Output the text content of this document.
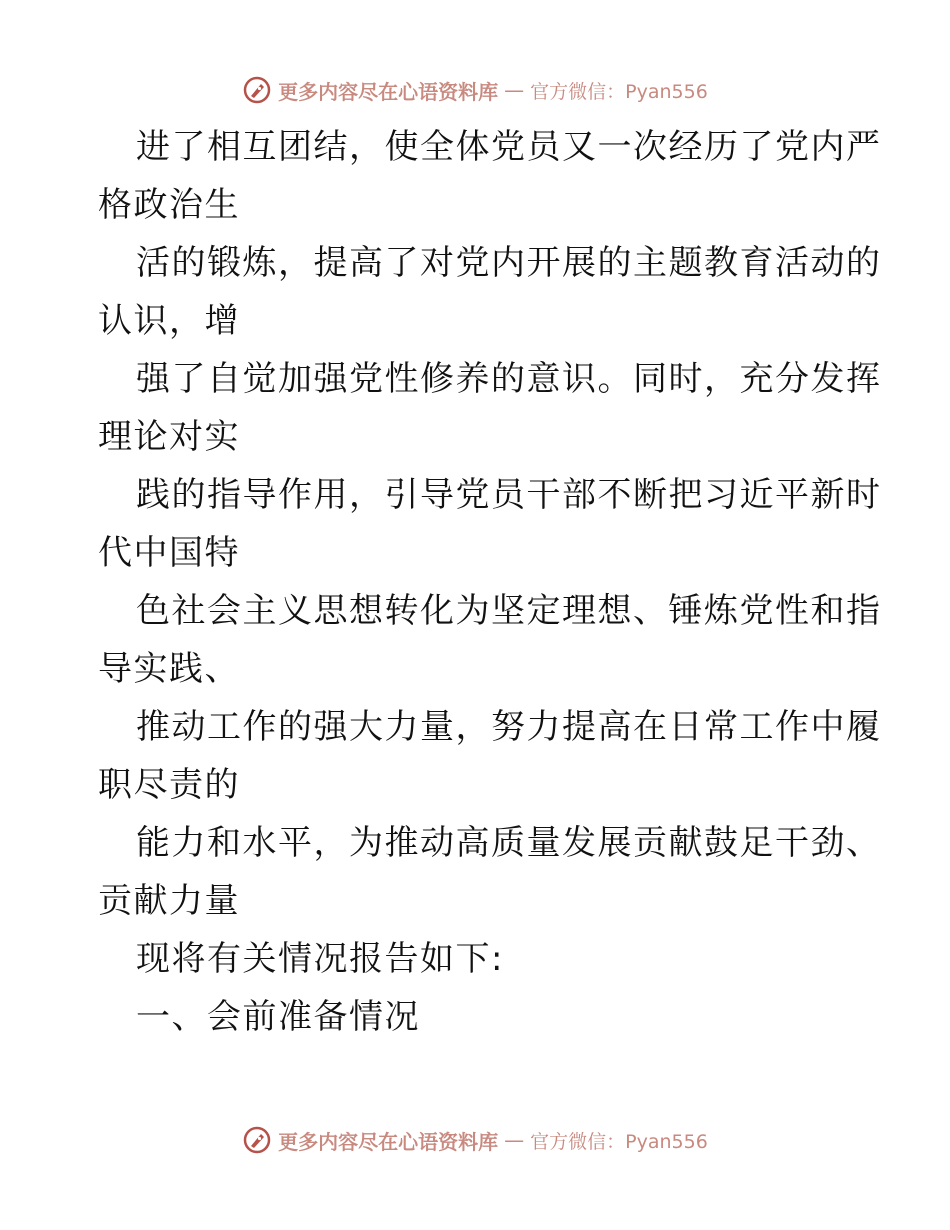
更多内容尽在心语资料库 — 官方微信：Pyan556
进了相互团结，使全体党员又一次经历了党内严
格政治生
活的锻炼，提高了对党内开展的主题教育活动的
认识，增
强了自觉加强党性修养的意识。同时，充分发挥
理论对实
践的指导作用，引导党员干部不断把习近平新时
代中国特
色社会主义思想转化为坚定理想、锤炼党性和指
导实践、
推动工作的强大力量，努力提高在日常工作中履
职尽责的
能力和水平，为推动高质量发展贡献鼓足干劲、
贡献力量
现将有关情况报告如下:
一、会前准备情况
更多内容尽在心语资料库 — 官方微信：Pyan556
